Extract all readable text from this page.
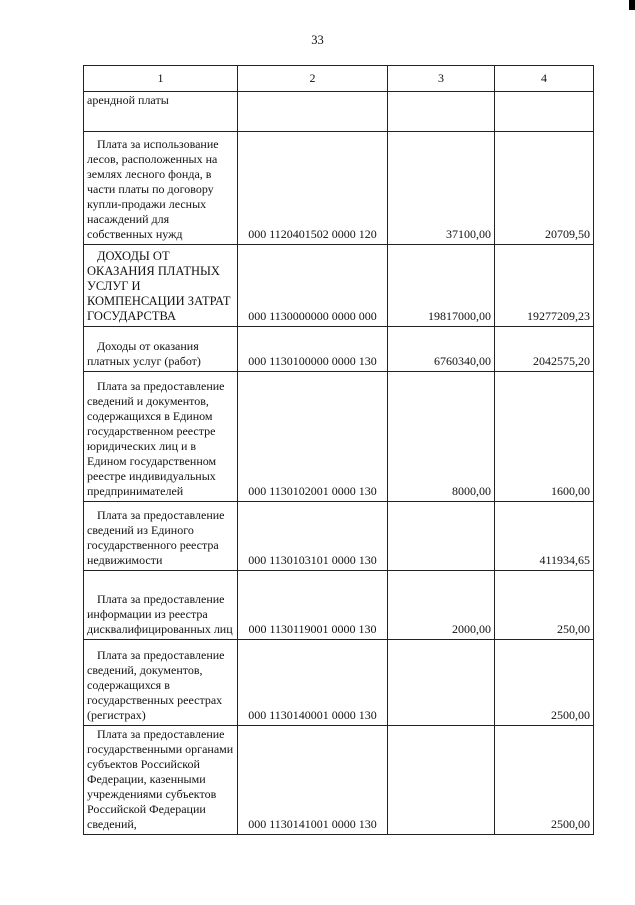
33
1	2	3	4
арендной платы			
Плата за использование лесов, расположенных на землях лесного фонда, в части платы по договору купли-продажи лесных насаждений для собственных нужд	000 1120401502 0000 120	37100,00	20709,50
ДОХОДЫ ОТ ОКАЗАНИЯ ПЛАТНЫХ УСЛУГ И КОМПЕНСАЦИИ ЗАТРАТ ГОСУДАРСТВА	000 1130000000 0000 000	19817000,00	19277209,23
Доходы от оказания платных услуг (работ)	000 1130100000 0000 130	6760340,00	2042575,20
Плата за предоставление сведений и документов, содержащихся в Едином государственном реестре юридических лиц и в Едином государственном реестре индивидуальных предпринимателей	000 1130102001 0000 130	8000,00	1600,00
Плата за предоставление сведений из Единого государственного реестра недвижимости	000 1130103101 0000 130		411934,65
Плата за предоставление информации из реестра дисквалифицированных лиц	000 1130119001 0000 130	2000,00	250,00
Плата за предоставление сведений, документов, содержащихся в государственных реестрах (регистрах)	000 1130140001 0000 130		2500,00
Плата за предоставление государственными органами субъектов Российской Федерации, казенными учреждениями субъектов Российской Федерации сведений,	000 1130141001 0000 130		2500,00
